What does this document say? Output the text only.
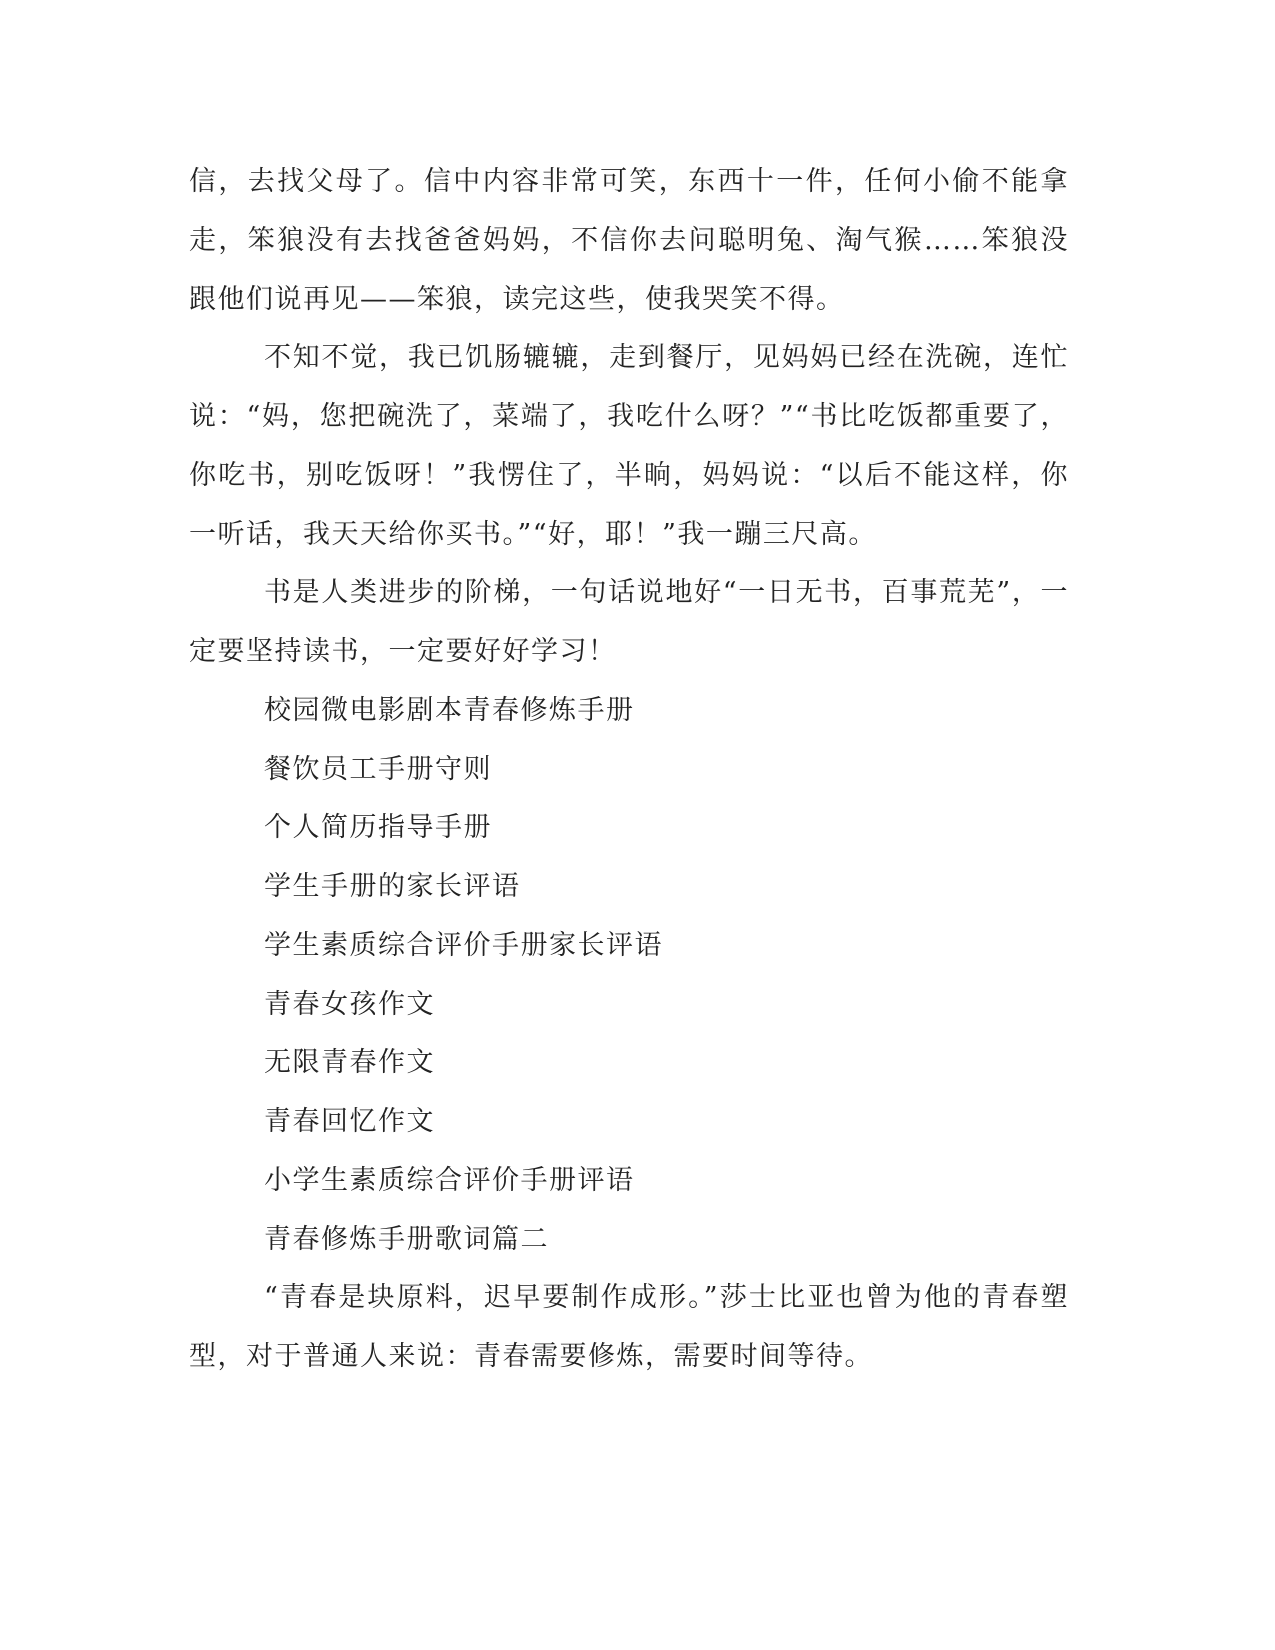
信，去找父母了。信中内容非常可笑，东西十一件，任何小偷不能拿
走，笨狼没有去找爸爸妈妈，不信你去问聪明兔、淘气猴……笨狼没
跟他们说再见——笨狼，读完这些，使我哭笑不得。
不知不觉，我已饥肠辘辘，走到餐厅，见妈妈已经在洗碗，连忙
说：“妈，您把碗洗了，菜端了，我吃什么呀？”“书比吃饭都重要了，
你吃书，别吃饭呀！”我愣住了，半晌，妈妈说：“以后不能这样，你
一听话，我天天给你买书。”“好，耶！”我一蹦三尺高。
书是人类进步的阶梯，一句话说地好“一日无书，百事荒芜”，一
定要坚持读书，一定要好好学习！
校园微电影剧本青春修炼手册
餐饮员工手册守则
个人简历指导手册
学生手册的家长评语
学生素质综合评价手册家长评语
青春女孩作文
无限青春作文
青春回忆作文
小学生素质综合评价手册评语
青春修炼手册歌词篇二
“青春是块原料，迟早要制作成形。”莎士比亚也曾为他的青春塑
型，对于普通人来说：青春需要修炼，需要时间等待。
